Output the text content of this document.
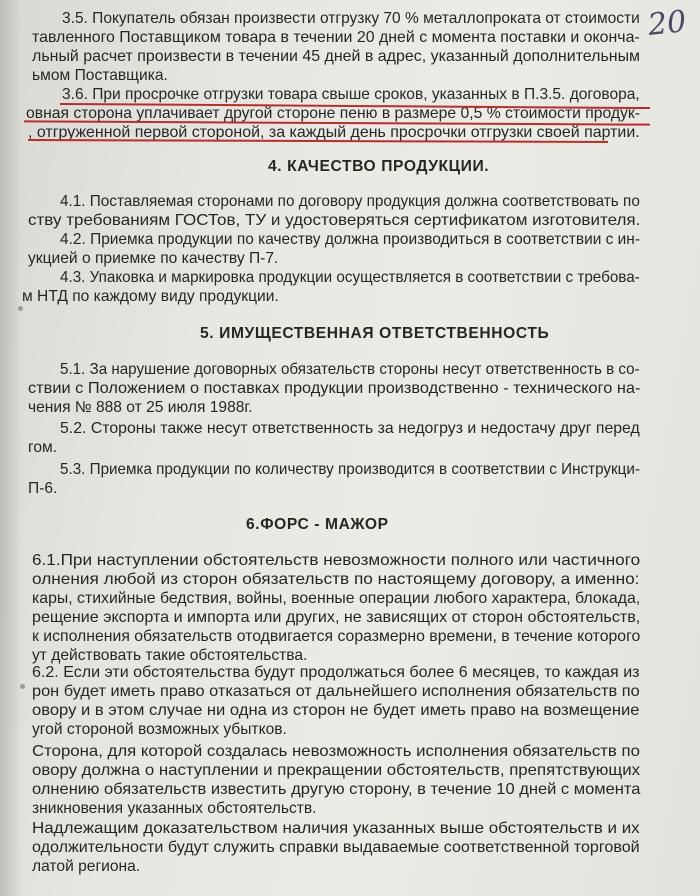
20
3.5. Покупатель обязан произвести отгрузку 70 % металлопроката от стоимости
тавленного Поставщиком товара в течении 20 дней с момента поставки и оконча-
льный расчет произвести в течении 45 дней в адрес, указанный дополнительным
ьмом Поставщика.
3.6. При просрочке отгрузки товара свыше сроков, указанных в П.3.5. договора,
овная сторона уплачивает другой стороне пеню в размере 0,5 % стоимости продук-
, отгруженной первой стороной, за каждый день просрочки отгрузки своей партии.
4. КАЧЕСТВО ПРОДУКЦИИ.
4.1. Поставляемая сторонами по договору продукция должна соответствовать по
ству требованиям ГОСТов, ТУ и удостоверяться сертификатом изготовителя.
4.2. Приемка продукции по качеству должна производиться в соответствии с ин-
укцией о приемке по качеству П-7.
4.3. Упаковка и маркировка продукции осуществляется в соответствии с требова-
м НТД по каждому виду продукции.
5. ИМУЩЕСТВЕННАЯ ОТВЕТСТВЕННОСТЬ
5.1. За нарушение договорных обязательств стороны несут ответственность в со-
ствии с Положением о поставках продукции производственно - технического на-
чения № 888 от 25 июля 1988г.
5.2. Стороны также несут ответственность за недогруз и недостачу друг перед
гом.
5.3. Приемка продукции по количеству производится в соответствии с Инструкци-
П-6.
6.ФОРС - МАЖОР
6.1.При наступлении обстоятельств невозможности полного или частичного
олнения любой из сторон обязательств по настоящему договору, а именно:
кары, стихийные бедствия, войны, военные операции любого характера, блокада,
рещение экспорта и импорта или других, не зависящих от сторон обстоятельств,
к исполнения обязательств отодвигается соразмерно времени, в течение которого
ут действовать такие обстоятельства.
6.2. Если эти обстоятельства будут продолжаться более 6 месяцев, то каждая из
рон будет иметь право отказаться от дальнейшего исполнения обязательств по
овору и в этом случае ни одна из сторон не будет иметь право на возмещение
угой стороной возможных убытков.
Сторона, для которой создалась невозможность исполнения обязательств по
овору должна о наступлении и прекращении обстоятельств, препятствующих
олнению обязательств известить другую сторону, в течение 10 дней с момента
зникновения указанных обстоятельств.
Надлежащим доказательством наличия указанных выше обстоятельств и их
одолжительности будут служить справки выдаваемые соответственной торговой
латой региона.
